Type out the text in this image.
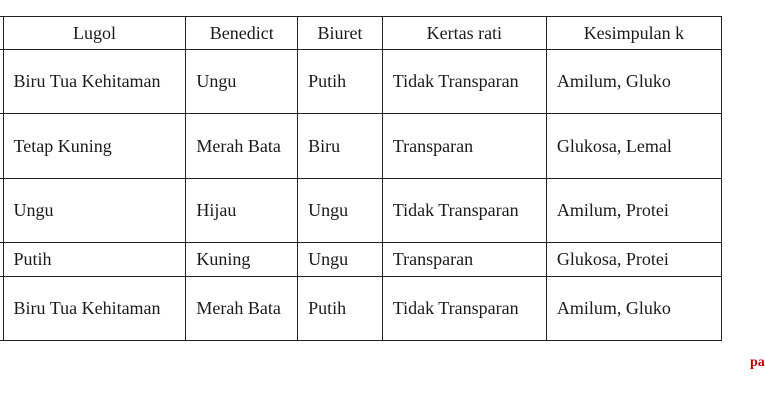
	Lugol	Benedict	Biuret	Kertas rati	Kesimpulan k
	Biru Tua Kehitaman	Ungu	Putih	Tidak Transparan	Amilum, Gluko
	Tetap Kuning	Merah Bata	Biru	Transparan	Glukosa, Lemal
	Ungu	Hijau	Ungu	Tidak Transparan	Amilum, Protei
	Putih	Kuning	Ungu	Transparan	Glukosa, Protei
	Biru Tua Kehitaman	Merah Bata	Putih	Tidak Transparan	Amilum, Gluko
pa
